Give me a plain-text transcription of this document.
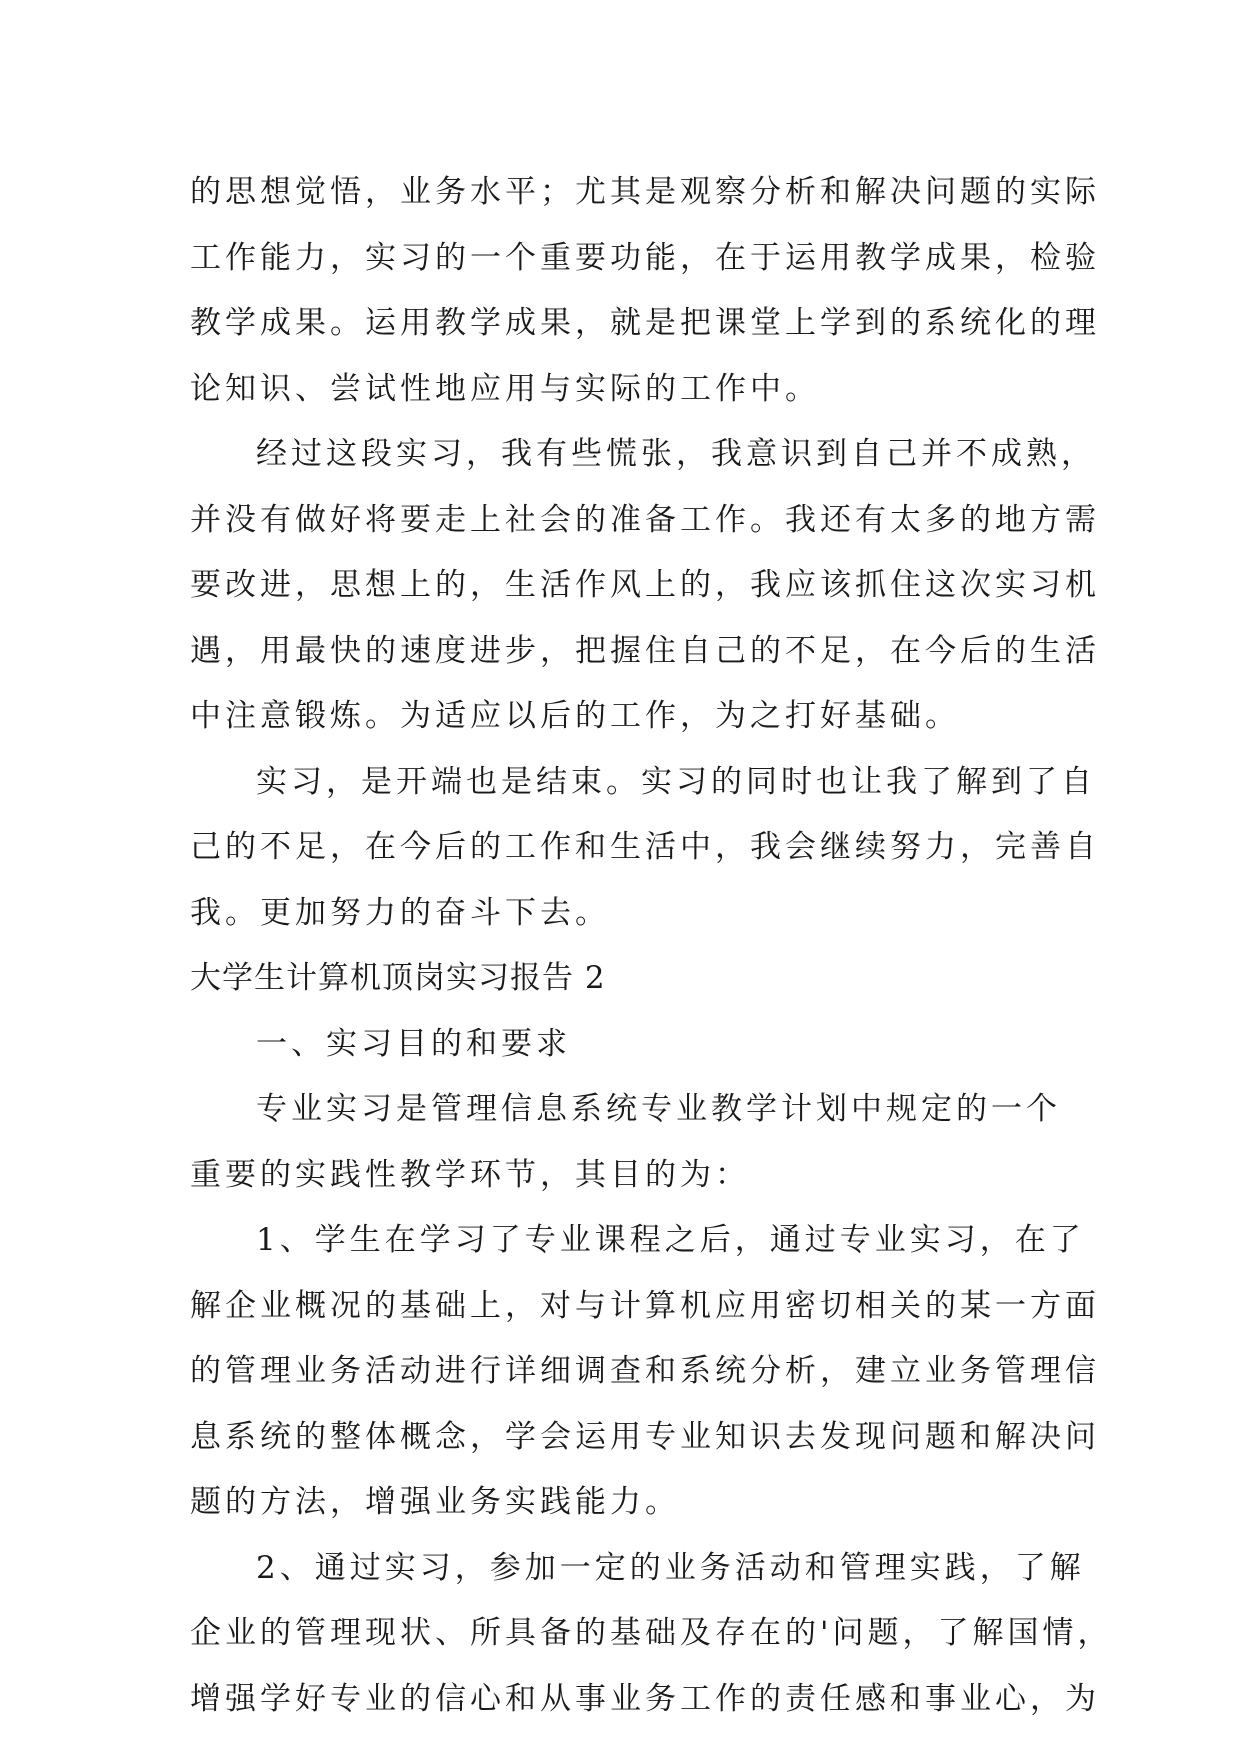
的思想觉悟，业务水平；尤其是观察分析和解决问题的实际
工作能力，实习的一个重要功能，在于运用教学成果，检验
教学成果。运用教学成果，就是把课堂上学到的系统化的理
论知识、尝试性地应用与实际的工作中。
经过这段实习，我有些慌张，我意识到自己并不成熟，
并没有做好将要走上社会的准备工作。我还有太多的地方需
要改进，思想上的，生活作风上的，我应该抓住这次实习机
遇，用最快的速度进步，把握住自己的不足，在今后的生活
中注意锻炼。为适应以后的工作，为之打好基础。
实习，是开端也是结束。实习的同时也让我了解到了自
己的不足，在今后的工作和生活中，我会继续努力，完善自
我。更加努力的奋斗下去。
大学生计算机顶岗实习报告 2
一、实习目的和要求
专业实习是管理信息系统专业教学计划中规定的一个
重要的实践性教学环节，其目的为：
1、学生在学习了专业课程之后，通过专业实习，在了
解企业概况的基础上，对与计算机应用密切相关的某一方面
的管理业务活动进行详细调查和系统分析，建立业务管理信
息系统的整体概念，学会运用专业知识去发现问题和解决问
题的方法，增强业务实践能力。
2、通过实习，参加一定的业务活动和管理实践，了解
企业的管理现状、所具备的基础及存在的'问题，了解国情，
增强学好专业的信心和从事业务工作的责任感和事业心，为
